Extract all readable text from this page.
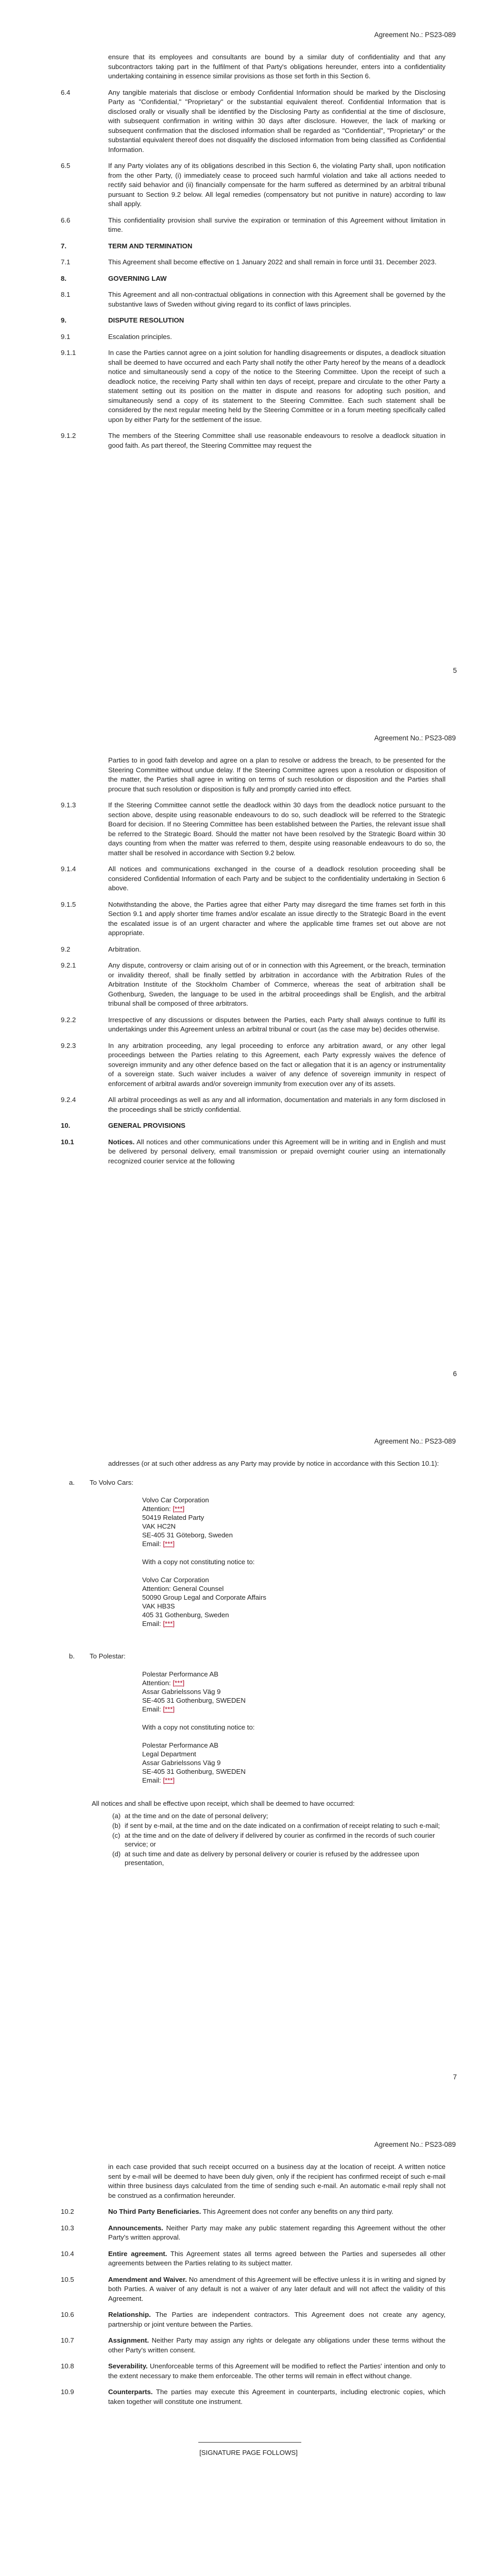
Agreement No.: PS23-089
ensure that its employees and consultants are bound by a similar duty of confidentiality and that any subcontractors taking part in the fulfilment of that Party's obligations hereunder, enters into a confidentiality undertaking containing in essence similar provisions as those set forth in this Section 6.
6.4	Any tangible materials that disclose or embody Confidential Information should be marked by the Disclosing Party as "Confidential," "Proprietary" or the substantial equivalent thereof. Confidential Information that is disclosed orally or visually shall be identified by the Disclosing Party as confidential at the time of disclosure, with subsequent confirmation in writing within 30 days after disclosure. However, the lack of marking or subsequent confirmation that the disclosed information shall be regarded as "Confidential", "Proprietary" or the substantial equivalent thereof does not disqualify the disclosed information from being classified as Confidential Information.
6.5	If any Party violates any of its obligations described in this Section 6, the violating Party shall, upon notification from the other Party, (i) immediately cease to proceed such harmful violation and take all actions needed to rectify said behavior and (ii) financially compensate for the harm suffered as determined by an arbitral tribunal pursuant to Section 9.2 below. All legal remedies (compensatory but not punitive in nature) according to law shall apply.
6.6	This confidentiality provision shall survive the expiration or termination of this Agreement without limitation in time.
7.	TERM AND TERMINATION
7.1	This Agreement shall become effective on 1 January 2022 and shall remain in force until 31. December 2023.
8.	GOVERNING LAW
8.1	This Agreement and all non-contractual obligations in connection with this Agreement shall be governed by the substantive laws of Sweden without giving regard to its conflict of laws principles.
9.	DISPUTE RESOLUTION
9.1	Escalation principles.
9.1.1	In case the Parties cannot agree on a joint solution for handling disagreements or disputes, a deadlock situation shall be deemed to have occurred and each Party shall notify the other Party hereof by the means of a deadlock notice and simultaneously send a copy of the notice to the Steering Committee. Upon the receipt of such a deadlock notice, the receiving Party shall within ten days of receipt, prepare and circulate to the other Party a statement setting out its position on the matter in dispute and reasons for adopting such position, and simultaneously send a copy of its statement to the Steering Committee. Each such statement shall be considered by the next regular meeting held by the Steering Committee or in a forum meeting specifically called upon by either Party for the settlement of the issue.
9.1.2	The members of the Steering Committee shall use reasonable endeavours to resolve a deadlock situation in good faith. As part thereof, the Steering Committee may request the
5
Agreement No.: PS23-089
Parties to in good faith develop and agree on a plan to resolve or address the breach, to be presented for the Steering Committee without undue delay. If the Steering Committee agrees upon a resolution or disposition of the matter, the Parties shall agree in writing on terms of such resolution or disposition and the Parties shall procure that such resolution or disposition is fully and promptly carried into effect.
9.1.3	If the Steering Committee cannot settle the deadlock within 30 days from the deadlock notice pursuant to the section above, despite using reasonable endeavours to do so, such deadlock will be referred to the Strategic Board for decision. If no Steering Committee has been established between the Parties, the relevant issue shall be referred to the Strategic Board. Should the matter not have been resolved by the Strategic Board within 30 days counting from when the matter was referred to them, despite using reasonable endeavours to do so, the matter shall be resolved in accordance with Section 9.2 below.
9.1.4	All notices and communications exchanged in the course of a deadlock resolution proceeding shall be considered Confidential Information of each Party and be subject to the confidentiality undertaking in Section 6 above.
9.1.5	Notwithstanding the above, the Parties agree that either Party may disregard the time frames set forth in this Section 9.1 and apply shorter time frames and/or escalate an issue directly to the Strategic Board in the event the escalated issue is of an urgent character and where the applicable time frames set out above are not appropriate.
9.2	Arbitration.
9.2.1	Any dispute, controversy or claim arising out of or in connection with this Agreement, or the breach, termination or invalidity thereof, shall be finally settled by arbitration in accordance with the Arbitration Rules of the Arbitration Institute of the Stockholm Chamber of Commerce, whereas the seat of arbitration shall be Gothenburg, Sweden, the language to be used in the arbitral proceedings shall be English, and the arbitral tribunal shall be composed of three arbitrators.
9.2.2	Irrespective of any discussions or disputes between the Parties, each Party shall always continue to fulfil its undertakings under this Agreement unless an arbitral tribunal or court (as the case may be) decides otherwise.
9.2.3	In any arbitration proceeding, any legal proceeding to enforce any arbitration award, or any other legal proceedings between the Parties relating to this Agreement, each Party expressly waives the defence of sovereign immunity and any other defence based on the fact or allegation that it is an agency or instrumentality of a sovereign state. Such waiver includes a waiver of any defence of sovereign immunity in respect of enforcement of arbitral awards and/or sovereign immunity from execution over any of its assets.
9.2.4	All arbitral proceedings as well as any and all information, documentation and materials in any form disclosed in the proceedings shall be strictly confidential.
10.	GENERAL PROVISIONS
10.1	Notices. All notices and other communications under this Agreement will be in writing and in English and must be delivered by personal delivery, email transmission or prepaid overnight courier using an internationally recognized courier service at the following
6
Agreement No.: PS23-089
addresses (or at such other address as any Party may provide by notice in accordance with this Section 10.1):
a.	To Volvo Cars:
Volvo Car Corporation
Attention: [***]
50419 Related Party
VAK HC2N
SE-405 31 Göteborg, Sweden
Email: [***]
With a copy not constituting notice to:
Volvo Car Corporation
Attention: General Counsel
50090 Group Legal and Corporate Affairs
VAK HB3S
405 31 Gothenburg, Sweden
Email: [***]
b.	To Polestar:
Polestar Performance AB
Attention: [***]
Assar Gabrielssons Väg 9
SE-405 31 Gothenburg, SWEDEN
Email: [***]
With a copy not constituting notice to:
Polestar Performance AB
Legal Department
Assar Gabrielssons Väg 9
SE-405 31 Gothenburg, SWEDEN
Email: [***]
All notices and shall be effective upon receipt, which shall be deemed to have occurred:
(a) at the time and on the date of personal delivery;
(b) if sent by e-mail, at the time and on the date indicated on a confirmation of receipt relating to such e-mail;
(c) at the time and on the date of delivery if delivered by courier as confirmed in the records of such courier service; or
(d) at such time and date as delivery by personal delivery or courier is refused by the addressee upon presentation,
7
Agreement No.: PS23-089
in each case provided that such receipt occurred on a business day at the location of receipt. A written notice sent by e-mail will be deemed to have been duly given, only if the recipient has confirmed receipt of such e-mail within three business days calculated from the time of sending such e-mail. An automatic e-mail reply shall not be construed as a confirmation hereunder.
10.2	No Third Party Beneficiaries. This Agreement does not confer any benefits on any third party.
10.3	Announcements. Neither Party may make any public statement regarding this Agreement without the other Party's written approval.
10.4	Entire agreement. This Agreement states all terms agreed between the Parties and supersedes all other agreements between the Parties relating to its subject matter.
10.5	Amendment and Waiver. No amendment of this Agreement will be effective unless it is in writing and signed by both Parties. A waiver of any default is not a waiver of any later default and will not affect the validity of this Agreement.
10.6	Relationship. The Parties are independent contractors. This Agreement does not create any agency, partnership or joint venture between the Parties.
10.7	Assignment. Neither Party may assign any rights or delegate any obligations under these terms without the other Party's written consent.
10.8	Severability. Unenforceable terms of this Agreement will be modified to reflect the Parties' intention and only to the extent necessary to make them enforceable. The other terms will remain in effect without change.
10.9	Counterparts. The parties may execute this Agreement in counterparts, including electronic copies, which taken together will constitute one instrument.
[SIGNATURE PAGE FOLLOWS]
